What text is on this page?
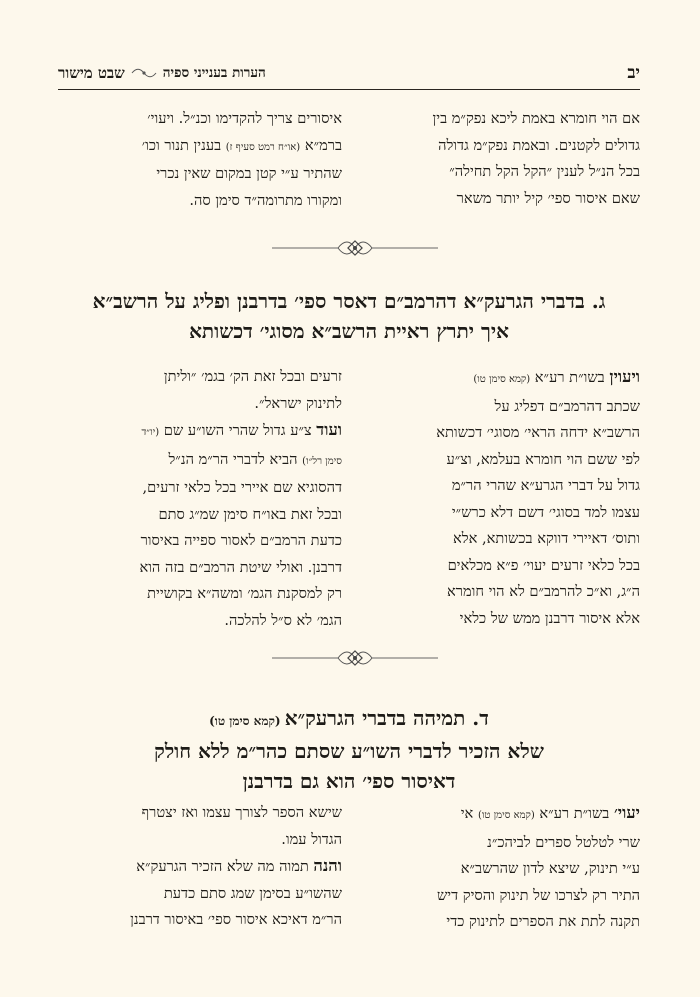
יב
הערות בענייני ספיה
שבט מישור

אם הוי חומרא באמת ליכא נפק״מ בין

גדולים לקטנים. ובאמת נפק״מ גדולה

בכל הנ״ל לענין ״הקל הקל תחילה״

שאם איסור ספי׳ קיל יותר משאר

איסורים צריך להקדימו וכנ״ל. ויעוי׳

ברמ״א (או״ח רמט סעיף ז) בענין תנור וכו׳

שהתיר ע״י קטן במקום שאין נכרי

ומקורו מתרומה״ד סימן סה.

ג. בדברי הגרעק״א דהרמב״ם דאסר ספי׳ בדרבנן ופליג על הרשב״א
איך יתרץ ראיית הרשב״א מסוגי׳ דכשותא

ויעוין בשו״ת רע״א (קמא סימן טו)

שכתב דהרמב״ם דפליג על

הרשב״א ידחה הראי׳ מסוגי׳ דכשותא

לפי ששם הוי חומרא בעלמא, וצ״ע

גדול על דברי הגרע״א שהרי הר״מ

עצמו למד בסוגי׳ דשם דלא כרש״י

ותוס׳ דאיירי דווקא בכשותא, אלא

בכל כלאי זרעים יעוי׳ פ״א מכלאים

ה״ג, וא״כ להרמב״ם לא הוי חומרא

אלא איסור דרבנן ממש של כלאי

זרעים ובכל זאת הק׳ בגמ׳ ״וליתן

לתינוק ישראל״.

ועוד צ״ע גדול שהרי השו״ע שם (יו״ד

סימן רל״ו) הביא לדברי הר״מ הנ״ל

דהסוגיא שם איירי בכל כלאי זרעים,

ובכל זאת באו״ח סימן שמ״ג סתם

כדעת הרמב״ם לאסור ספייה באיסור

דרבנן. ואולי שיטת הרמב״ם בזה הוא

רק למסקנת הגמ׳ ומשה״א בקושיית

הגמ׳ לא ס״ל להלכה.

ד. תמיהה בדברי הגרעק״א (קמא סימן טו)
שלא הזכיר לדברי השו״ע שסתם כהר״מ ללא חולק
דאיסור ספי׳ הוא גם בדרבנן

יעוי׳ בשו״ת רע״א (קמא סימן טו) אי

שרי לטלטל ספרים לביהכ״נ

ע״י תינוק, שיצא לדון שהרשב״א

התיר רק לצרכו של תינוק והסיק דיש

תקנה לתת את הספרים לתינוק כדי

שישא הספר לצורך עצמו ואז יצטרף

הגדול עמו.

והנה תמוה מה שלא הזכיר הגרעק״א

שהשו״ע בסימן שמג סתם כדעת

הר״מ דאיכא איסור ספי׳ באיסור דרבנן
